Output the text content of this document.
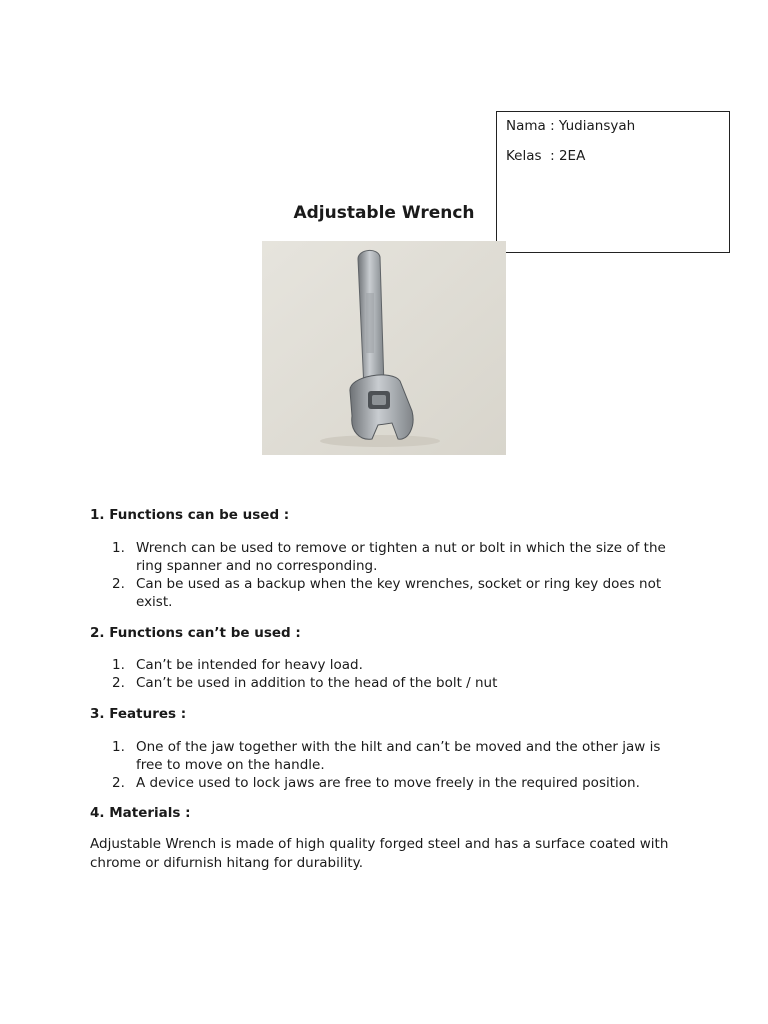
Nama : Yudiansyah

Kelas  : 2EA

Adjustable Wrench
1. Functions can be used :
1. Wrench can be used to remove or tighten a nut or bolt in which the size of the ring spanner and no corresponding.
2. Can be used as a backup when the key wrenches, socket or ring key does not exist.
2. Functions can’t be used :
1. Can’t be intended for heavy load.
2. Can’t be used in addition to the head of the bolt / nut
3. Features :
1. One of the jaw together with the hilt and can’t be moved and the other jaw is free to move on the handle.
2. A device used to lock jaws are free to move freely in the required position.
4. Materials :

Adjustable Wrench is made of high quality forged steel and has a surface coated with chrome or difurnish hitang for durability.
